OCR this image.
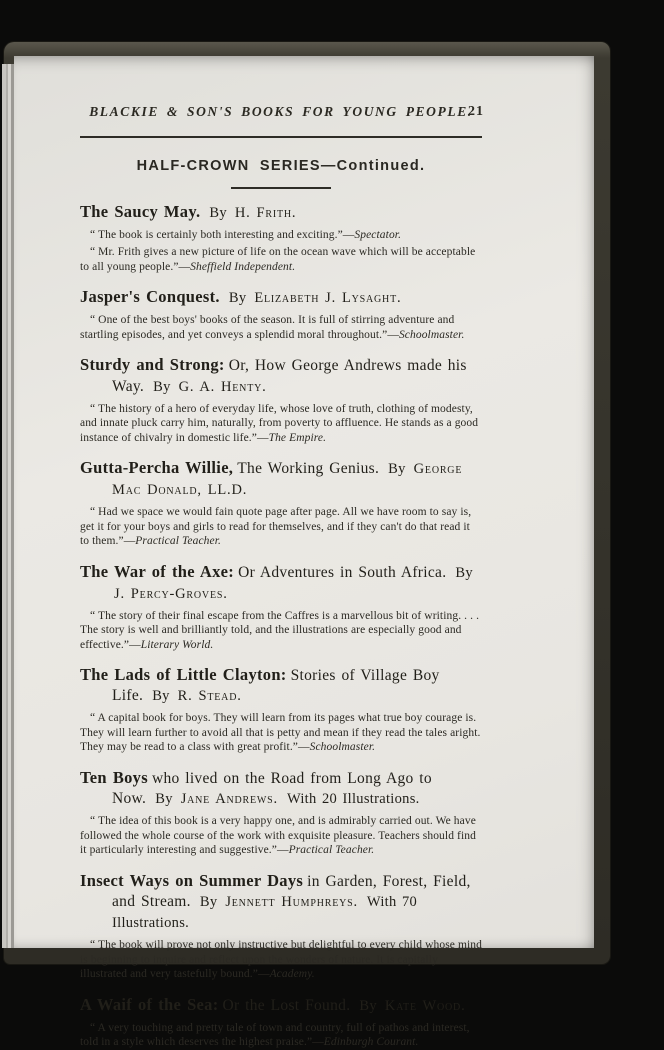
BLACKIE & SON'S BOOKS FOR YOUNG PEOPLE.
21
HALF-CROWN SERIES—Continued.

The Saucy May. By H. Frith.

“ The book is certainly both interesting and exciting.”—Spectator.

“ Mr. Frith gives a new picture of life on the ocean wave which will be acceptable to all young people.”—Sheffield Independent.

Jasper's Conquest. By Elizabeth J. Lysaght.

“ One of the best boys' books of the season. It is full of stirring adventure and startling episodes, and yet conveys a splendid moral throughout.”—Schoolmaster.

Sturdy and Strong: Or, How George Andrews made his Way. By G. A. Henty.

“ The history of a hero of everyday life, whose love of truth, clothing of modesty, and innate pluck carry him, naturally, from poverty to affluence. He stands as a good instance of chivalry in domestic life.”—The Empire.

Gutta-Percha Willie, The Working Genius. By George Mac Donald, LL.D.

“ Had we space we would fain quote page after page. All we have room to say is, get it for your boys and girls to read for themselves, and if they can't do that read it to them.”—Practical Teacher.

The War of the Axe: Or Adventures in South Africa. By J. Percy-Groves.

“ The story of their final escape from the Caffres is a marvellous bit of writing. . . . The story is well and brilliantly told, and the illustrations are especially good and effective.”—Literary World.

The Lads of Little Clayton: Stories of Village Boy Life. By R. Stead.

“ A capital book for boys. They will learn from its pages what true boy courage is. They will learn further to avoid all that is petty and mean if they read the tales aright. They may be read to a class with great profit.”—Schoolmaster.

Ten Boys who lived on the Road from Long Ago to Now. By Jane Andrews. With 20 Illustrations.

“ The idea of this book is a very happy one, and is admirably carried out. We have followed the whole course of the work with exquisite pleasure. Teachers should find it particularly interesting and suggestive.”—Practical Teacher.

Insect Ways on Summer Days in Garden, Forest, Field, and Stream. By Jennett Humphreys. With 70 Illustrations.

“ The book will prove not only instructive but delightful to every child whose mind is beginning to inquire and reflect upon the wonders of nature. It is capitally illustrated and very tastefully bound.”—Academy.

A Waif of the Sea: Or the Lost Found. By Kate Wood.

“ A very touching and pretty tale of town and country, full of pathos and interest, told in a style which deserves the highest praise.”—Edinburgh Courant.
